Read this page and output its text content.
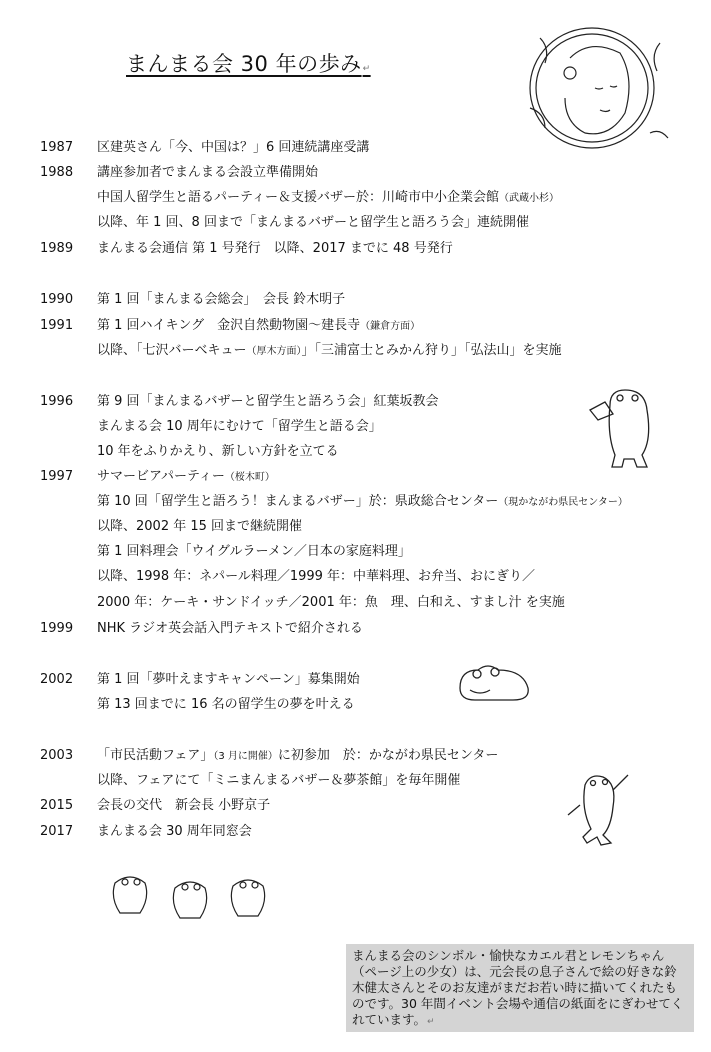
まんまる会 30 年の歩み↵
1987 区建英さん「今、中国は？」6 回連続講座受講
1988 講座参加者でまんまる会設立準備開始
中国人留学生と語るパーティー＆支援バザー於：川崎市中小企業会館（武蔵小杉）
以降、年 1 回、8 回まで「まんまるバザーと留学生と語ろう会」連続開催
1989 まんまる会通信 第 1 号発行　以降、2017 までに 48 号発行
1990 第 1 回「まんまる会総会」　会長 鈴木明子
1991 第 1 回ハイキング　金沢自然動物園～建長寺（鎌倉方面）
以降、「七沢バーベキュー（厚木方面）」「三浦富士とみかん狩り」「弘法山」を実施
1996 第 9 回「まんまるバザーと留学生と語ろう会」紅葉坂教会
まんまる会 10 周年にむけて「留学生と語る会」
10 年をふりかえり、新しい方針を立てる
1997 サマービアパーティー（桜木町）
第 10 回「留学生と語ろう！まんまるバザー」於：県政総合センター（現かながわ県民センター）
以降、2002 年 15 回まで継続開催
第 1 回料理会「ウイグルラーメン／日本の家庭料理」
以降、1998 年：ネパール料理／1999 年：中華料理、お弁当、おにぎり／
2000 年：ケーキ・サンドイッチ／2001 年：魚　理、白和え、すまし汁 を実施
1999 NHK ラジオ英会話入門テキストで紹介される
2002 第 1 回「夢叶えますキャンペーン」募集開始
第 13 回までに 16 名の留学生の夢を叶える
2003 「市民活動フェア」（3 月に開催）に初参加　於：かながわ県民センター
以降、フェアにて「ミニまんまるバザー＆夢茶館」を毎年開催
2015 会長の交代　新会長 小野京子
2017 まんまる会 30 周年同窓会
まんまる会のシンボル・愉快なカエル君とレモンちゃん（ページ上の少女）は、元会長の息子さんで絵の好きな鈴木健太さんとそのお友達がまだお若い時に描いてくれたものです。30 年間イベント会場や通信の紙面をにぎわせてくれています。↵
